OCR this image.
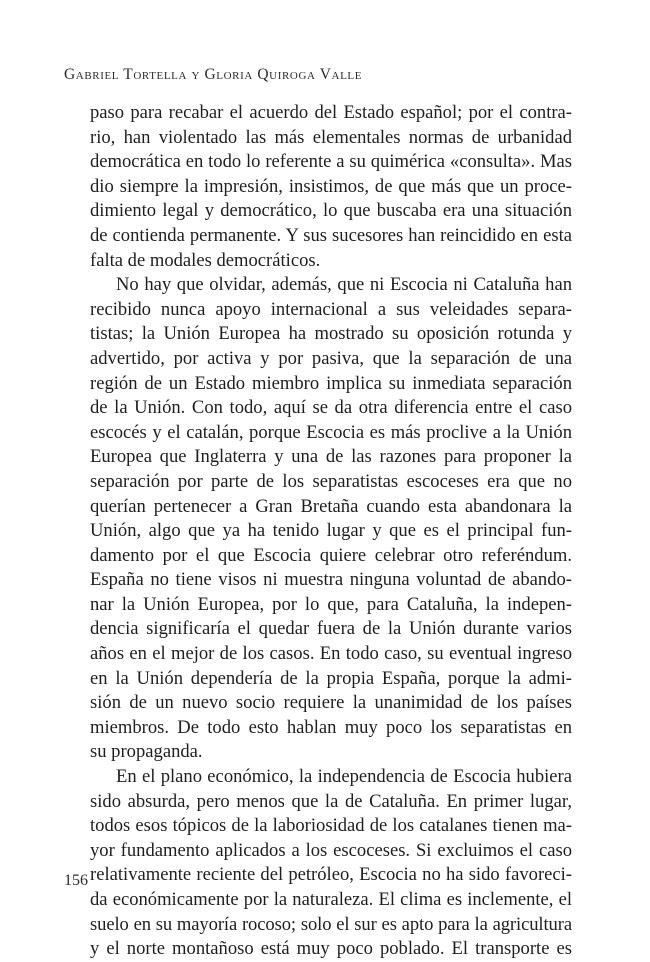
Gabriel Tortella y Gloria Quiroga Valle
paso para recabar el acuerdo del Estado español; por el contra-
rio, han violentado las más elementales normas de urbanidad
democrática en todo lo referente a su quimérica «consulta». Mas
dio siempre la impresión, insistimos, de que más que un proce-
dimiento legal y democrático, lo que buscaba era una situación
de contienda permanente. Y sus sucesores han reincidido en esta
falta de modales democráticos.
No hay que olvidar, además, que ni Escocia ni Cataluña han
recibido nunca apoyo internacional a sus veleidades separa-
tistas; la Unión Europea ha mostrado su oposición rotunda y
advertido, por activa y por pasiva, que la separación de una
región de un Estado miembro implica su inmediata separación
de la Unión. Con todo, aquí se da otra diferencia entre el caso
escocés y el catalán, porque Escocia es más proclive a la Unión
Europea que Inglaterra y una de las razones para proponer la
separación por parte de los separatistas escoceses era que no
querían pertenecer a Gran Bretaña cuando esta abandonara la
Unión, algo que ya ha tenido lugar y que es el principal fun-
damento por el que Escocia quiere celebrar otro referéndum.
España no tiene visos ni muestra ninguna voluntad de abando-
nar la Unión Europea, por lo que, para Cataluña, la indepen-
dencia significaría el quedar fuera de la Unión durante varios
años en el mejor de los casos. En todo caso, su eventual ingreso
en la Unión dependería de la propia España, porque la admi-
sión de un nuevo socio requiere la unanimidad de los países
miembros. De todo esto hablan muy poco los separatistas en
su propaganda.
En el plano económico, la independencia de Escocia hubiera
sido absurda, pero menos que la de Cataluña. En primer lugar,
todos esos tópicos de la laboriosidad de los catalanes tienen ma-
yor fundamento aplicados a los escoceses. Si excluimos el caso
relativamente reciente del petróleo, Escocia no ha sido favoreci-
da económicamente por la naturaleza. El clima es inclemente, el
suelo en su mayoría rocoso; solo el sur es apto para la agricultura
y el norte montañoso está muy poco poblado. El transporte es
156
